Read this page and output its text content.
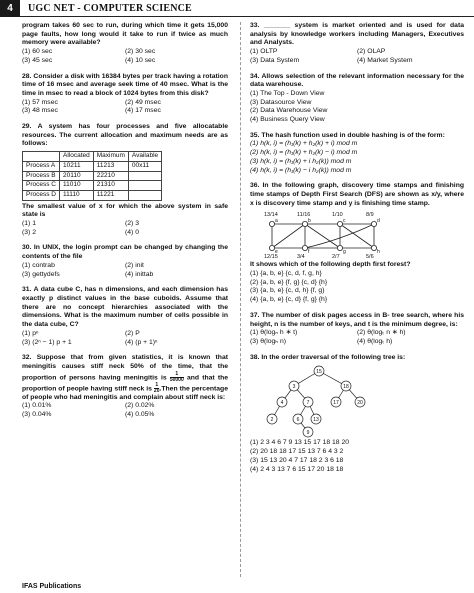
4	UGC NET - COMPUTER SCIENCE
program takes 60 sec to run, during which time it gets 15,000 page faults, how long would it take to run if twice as much memory were available?
(1) 60 sec	(2) 30 sec
(3) 45 sec	(4) 10 sec
28. Consider a disk with 16384 bytes per track having a rotation time of 16 msec and average seek time of 40 msec. What is the time in msec to read a block of 1024 bytes from this disk?
(1) 57 msec	(2) 49 msec
(3) 48 msec	(4) 17 msec
29. A system has four processes and five allocatable resources. The current allocation and maximum needs are as follows:
	Allocated	Maximum	Available
Process A	10211	11213	00x11
Process B	20110	22210	
Process C	11010	21310	
Process D	11110	11221	
The smallest value of x for which the above system in safe state is
(1) 1	(2) 3
(3) 2	(4) 0
30. In UNIX, the login prompt can be changed by changing the contents of the file
(1) contrab	(2) init
(3) gettydefs	(4) inittab
31. A data cube C, has n dimensions, and each dimension has exactly p distinct values in the base cuboids. Assume that there are no concept hierarchies associated with the dimensions. What is the maximum number of cells possible in the data cube, C?
(1) pⁿ	(2) P
(3) (2ⁿ − 1) p + 1	(4) (p + 1)ⁿ
32. Suppose that from given statistics, it is known that meningitis causes stiff neck 50% of the time, that the proportion of persons having meningitis is $\frac{1}{50000}$ and that the proportion of people having stiff neck is $\frac{1}{20}$ .Then the percentage of people who had meningitis and complain about stiff neck is:
(1) 0.01%	(2) 0.02%
(3) 0.04%	(4) 0.05%
33. _______ system is market oriented and is used for data analysis by knowledge workers including Managers, Executives and Analysts.
(1) OLTP	(2) OLAP
(3) Data System	(4) Market System
34. Allows selection of the relevant information necessary for the data warehouse.
(1) The Top - Down View
(3) Datasource View
(2) Data Warehouse View
(4) Business Query View
35. The hash function used in double hashing is of the form:
(1) h(k, i) = (h₁(k) + h₂(k) + i) mod m
(2) h(k, i) = (h₁(k) + h₂(k) − i) mod m
(3) h(k, i) = (h₁(k) + i h₂(k)) mod m
(4) h(k, i) = (h₁(k) − i h₂(k)) mod m
36. In the following graph, discovery time stamps and finishing time stamps of Depth First Search (DFS) are shown as x/y, where x is discovery time stamp and y is finishing time stamp.
13/14	11/16	1/10	8/9
12/15	3/4	2/7	5/6
a	b	c	d
e	f	g	h
It shows which of the following depth first forest?
(1) {a, b, e} {c, d, f, g, h}
(2) {a, b, e} {f, g} {c, d} {h}
(3) {a, b, e} {c, d, h} {f, g}
(4) {a, b, e} {c, d} {f, g} {h}
37. The number of disk pages access in B- tree search, where his height, n is the number of keys, and t is the minimum degree, is:
(1) θ(logₙ h ∗ t)	(2) θ(logₜ n ∗ h)
(3) θ(logₕ n)	(4) θ(logₜ h)
38. In the order traversal of the following tree is:
15
3	18
4	7	17	20
2	13
6
9
(1) 2 3 4 6 7 9 13 15 17 18 18 20
(2) 20 18 18 17 15 13 7 6 4 3 2
(3) 15 13 20 4 7 17 18 2 3 6 18
(4) 2 4 3 13 7 6 15 17 20 18 18
IFAS Publications
